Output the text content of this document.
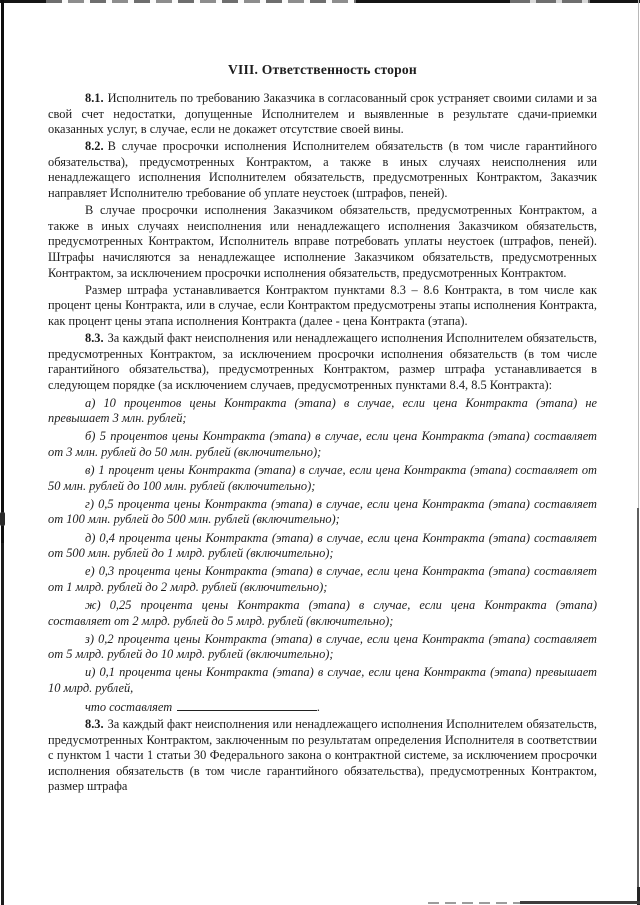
VIII. Ответственность сторон

8.1. Исполнитель по требованию Заказчика в согласованный срок устраняет своими силами и за свой счет недостатки, допущенные Исполнителем и выявленные в результате сдачи-приемки оказанных услуг, в случае, если не докажет отсутствие своей вины.

8.2. В случае просрочки исполнения Исполнителем обязательств (в том числе гарантийного обязательства), предусмотренных Контрактом, а также в иных случаях неисполнения или ненадлежащего исполнения Исполнителем обязательств, предусмотренных Контрактом, Заказчик направляет Исполнителю требование об уплате неустоек (штрафов, пеней).

В случае просрочки исполнения Заказчиком обязательств, предусмотренных Контрактом, а также в иных случаях неисполнения или ненадлежащего исполнения Заказчиком обязательств, предусмотренных Контрактом, Исполнитель вправе потребовать уплаты неустоек (штрафов, пеней). Штрафы начисляются за ненадлежащее исполнение Заказчиком обязательств, предусмотренных Контрактом, за исключением просрочки исполнения обязательств, предусмотренных Контрактом.

Размер штрафа устанавливается Контрактом пунктами 8.3 – 8.6 Контракта, в том числе как процент цены Контракта, или в случае, если Контрактом предусмотрены этапы исполнения Контракта, как процент цены этапа исполнения Контракта (далее - цена Контракта (этапа).

8.3. За каждый факт неисполнения или ненадлежащего исполнения Исполнителем обязательств, предусмотренных Контрактом, за исключением просрочки исполнения обязательств (в том числе гарантийного обязательства), предусмотренных Контрактом, размер штрафа устанавливается в следующем порядке (за исключением случаев, предусмотренных пунктами 8.4, 8.5 Контракта):

а) 10 процентов цены Контракта (этапа) в случае, если цена Контракта (этапа) не превышает 3 млн. рублей;

б) 5 процентов цены Контракта (этапа) в случае, если цена Контракта (этапа) составляет от 3 млн. рублей до 50 млн. рублей (включительно);

в) 1 процент цены Контракта (этапа) в случае, если цена Контракта (этапа) составляет от 50 млн. рублей до 100 млн. рублей (включительно);

г) 0,5 процента цены Контракта (этапа) в случае, если цена Контракта (этапа) составляет от 100 млн. рублей до 500 млн. рублей (включительно);

д) 0,4 процента цены Контракта (этапа) в случае, если цена Контракта (этапа) составляет от 500 млн. рублей до 1 млрд. рублей (включительно);

е) 0,3 процента цены Контракта (этапа) в случае, если цена Контракта (этапа) составляет от 1 млрд. рублей до 2 млрд. рублей (включительно);

ж) 0,25 процента цены Контракта (этапа) в случае, если цена Контракта (этапа) составляет от 2 млрд. рублей до 5 млрд. рублей (включительно);

з) 0,2 процента цены Контракта (этапа) в случае, если цена Контракта (этапа) составляет от 5 млрд. рублей до 10 млрд. рублей (включительно);

и) 0,1 процента цены Контракта (этапа) в случае, если цена Контракта (этапа) превышает 10 млрд. рублей,

что составляет	.

8.3. За каждый факт неисполнения или ненадлежащего исполнения Исполнителем обязательств, предусмотренных Контрактом, заключенным по результатам определения Исполнителя в соответствии с пунктом 1 части 1 статьи 30 Федерального закона о контрактной системе, за исключением просрочки исполнения обязательств (в том числе гарантийного обязательства), предусмотренных Контрактом, размер штрафа
